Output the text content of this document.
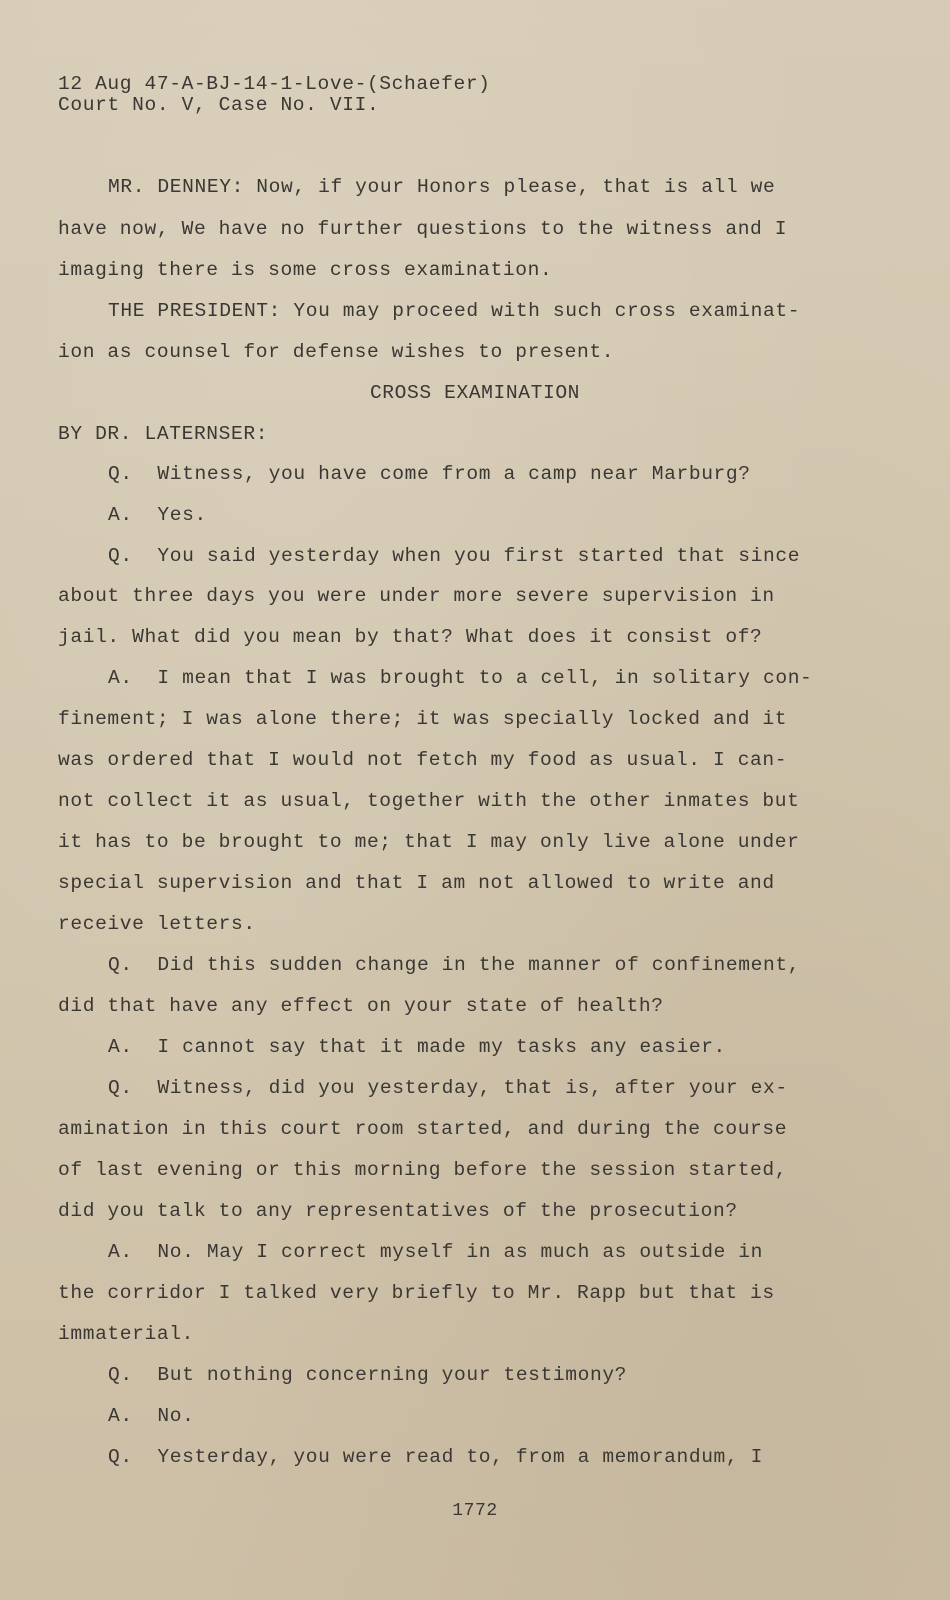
12 Aug 47-A-BJ-14-1-Love-(Schaefer)
Court No. V, Case No. VII.
MR. DENNEY: Now, if your Honors please, that is all we
have now, We have no further questions to the witness and I
imaging there is some cross examination.
THE PRESIDENT: You may proceed with such cross examinat-
ion as counsel for defense wishes to present.
CROSS EXAMINATION
BY DR. LATERNSER:
Q.  Witness, you have come from a camp near Marburg?
A.  Yes.
Q.  You said yesterday when you first started that since
about three days you were under more severe supervision in
jail. What did you mean by that? What does it consist of?
A.  I mean that I was brought to a cell, in solitary con-
finement; I was alone there; it was specially locked and it
was ordered that I would not fetch my food as usual. I can-
not collect it as usual, together with the other inmates but
it has to be brought to me; that I may only live alone under
special supervision and that I am not allowed to write and
receive letters.
Q.  Did this sudden change in the manner of confinement,
did that have any effect on your state of health?
A.  I cannot say that it made my tasks any easier.
Q.  Witness, did you yesterday, that is, after your ex-
amination in this court room started, and during the course
of last evening or this morning before the session started,
did you talk to any representatives of the prosecution?
A.  No. May I correct myself in as much as outside in
the corridor I talked very briefly to Mr. Rapp but that is
immaterial.
Q.  But nothing concerning your testimony?
A.  No.
Q.  Yesterday, you were read to, from a memorandum, I
1772
